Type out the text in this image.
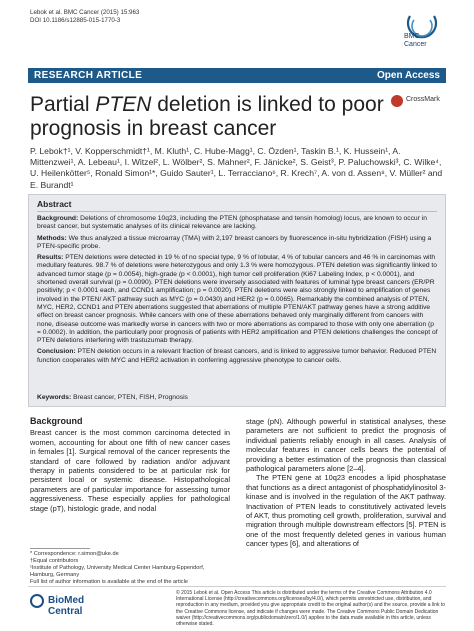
Lebok et al. BMC Cancer (2015) 15:963
DOI 10.1186/s12885-015-1770-3
BMC
Cancer
RESEARCH ARTICLE	Open Access
Partial PTEN deletion is linked to poor prognosis in breast cancer
CrossMark
P. Lebok†¹, V. Kopperschmidt†¹, M. Kluth¹, C. Hube-Magg¹, C. Özden¹, Taskin B.¹, K. Hussein¹, A. Mittenzwei¹, A. Lebeau¹, I. Witzel², L. Wölber², S. Mahner², F. Jänicke², S. Geist³, P. Paluchowski³, C. Wilke⁴, U. Heilenkötter⁵, Ronald Simon¹*, Guido Sauter¹, L. Terracciano⁶, R. Krech⁷, A. von d. Assen⁸, V. Müller² and E. Burandt¹
Abstract

Background: Deletions of chromosome 10q23, including the PTEN (phosphatase and tensin homolog) locus, are known to occur in breast cancer, but systematic analyses of its clinical relevance are lacking.

Methods: We thus analyzed a tissue microarray (TMA) with 2,197 breast cancers by fluorescence in-situ hybridization (FISH) using a PTEN-specific probe.

Results: PTEN deletions were detected in 19 % of no special type, 9 % of lobular, 4 % of tubular cancers and 46 % in carcinomas with medullary features. 98.7 % of deletions were heterozygous and only 1.3 % were homozygous. PTEN deletion was significantly linked to advanced tumor stage (p = 0.0054), high-grade (p < 0.0001), high tumor cell proliferation (Ki67 Labeling Index, p < 0.0001), and shortened overall survival (p = 0.0090). PTEN deletions were inversely associated with features of luminal type breast cancers (ER/PR positivity; p < 0.0001 each, and CCND1 amplification; p = 0.0020). PTEN deletions were also strongly linked to amplification of genes involved in the PTEN/ AKT pathway such as MYC (p = 0.0430) and HER2 (p = 0.0065). Remarkably the combined analysis of PTEN, MYC, HER2, CCND1 and PTEN aberrations suggested that aberrations of multiple PTEN/AKT pathway genes have a strong additive effect on breast cancer prognosis. While cancers with one of these aberrations behaved only marginally different from cancers with none, disease outcome was markedly worse in cancers with two or more aberrations as compared to those with only one aberration (p = 0.0002). In addition, the particularly poor prognosis of patients with HER2 amplification and PTEN deletions challenges the concept of PTEN deletions interfering with trastuzumab therapy.

Conclusion: PTEN deletion occurs in a relevant fraction of breast cancers, and is linked to aggressive tumor behavior. Reduced PTEN function cooperates with MYC and HER2 activation in conferring aggressive phenotype to cancer cells.

Keywords: Breast cancer, PTEN, FISH, Prognosis
Background

Breast cancer is the most common carcinoma detected in women, accounting for about one fifth of new cancer cases in females [1]. Surgical removal of the cancer represents the standard of care followed by radiation and/or adjuvant therapy in patients considered to be at particular risk for persistent local or systemic disease. Histopathological parameters are of particular importance for assessing tumor aggressiveness. These especially applies for pathological stage (pT), histologic grade, and nodal

stage (pN). Although powerful in statistical analyses, these parameters are not sufficient to predict the prognosis of individual patients reliably enough in all cases. Analysis of molecular features in cancer cells bears the potential of providing a better estimation of the prognosis than classical pathological parameters alone [2–4].

The PTEN gene at 10q23 encodes a lipid phosphatase that functions as a direct antagonist of phosphatidylinositol 3-kinase and is involved in the regulation of the AKT pathway. Inactivation of PTEN leads to constitutively activated levels of AKT, thus promoting cell growth, proliferation, survival and migration through multiple downstream effectors [5]. PTEN is one of the most frequently deleted genes in various human cancer types [6], and alterations of

* Correspondence: r.simon@uke.de
†Equal contributors
¹Institute of Pathology, University Medical Center Hamburg-Eppendorf, Hamburg, Germany
Full list of author information is available at the end of the article
BioMed Central
© 2015 Lebok et al. Open Access This article is distributed under the terms of the Creative Commons Attribution 4.0 International License (http://creativecommons.org/licenses/by/4.0/), which permits unrestricted use, distribution, and reproduction in any medium, provided you give appropriate credit to the original author(s) and the source, provide a link to the Creative Commons license, and indicate if changes were made. The Creative Commons Public Domain Dedication waiver (http://creativecommons.org/publicdomain/zero/1.0/) applies to the data made available in this article, unless otherwise stated.
